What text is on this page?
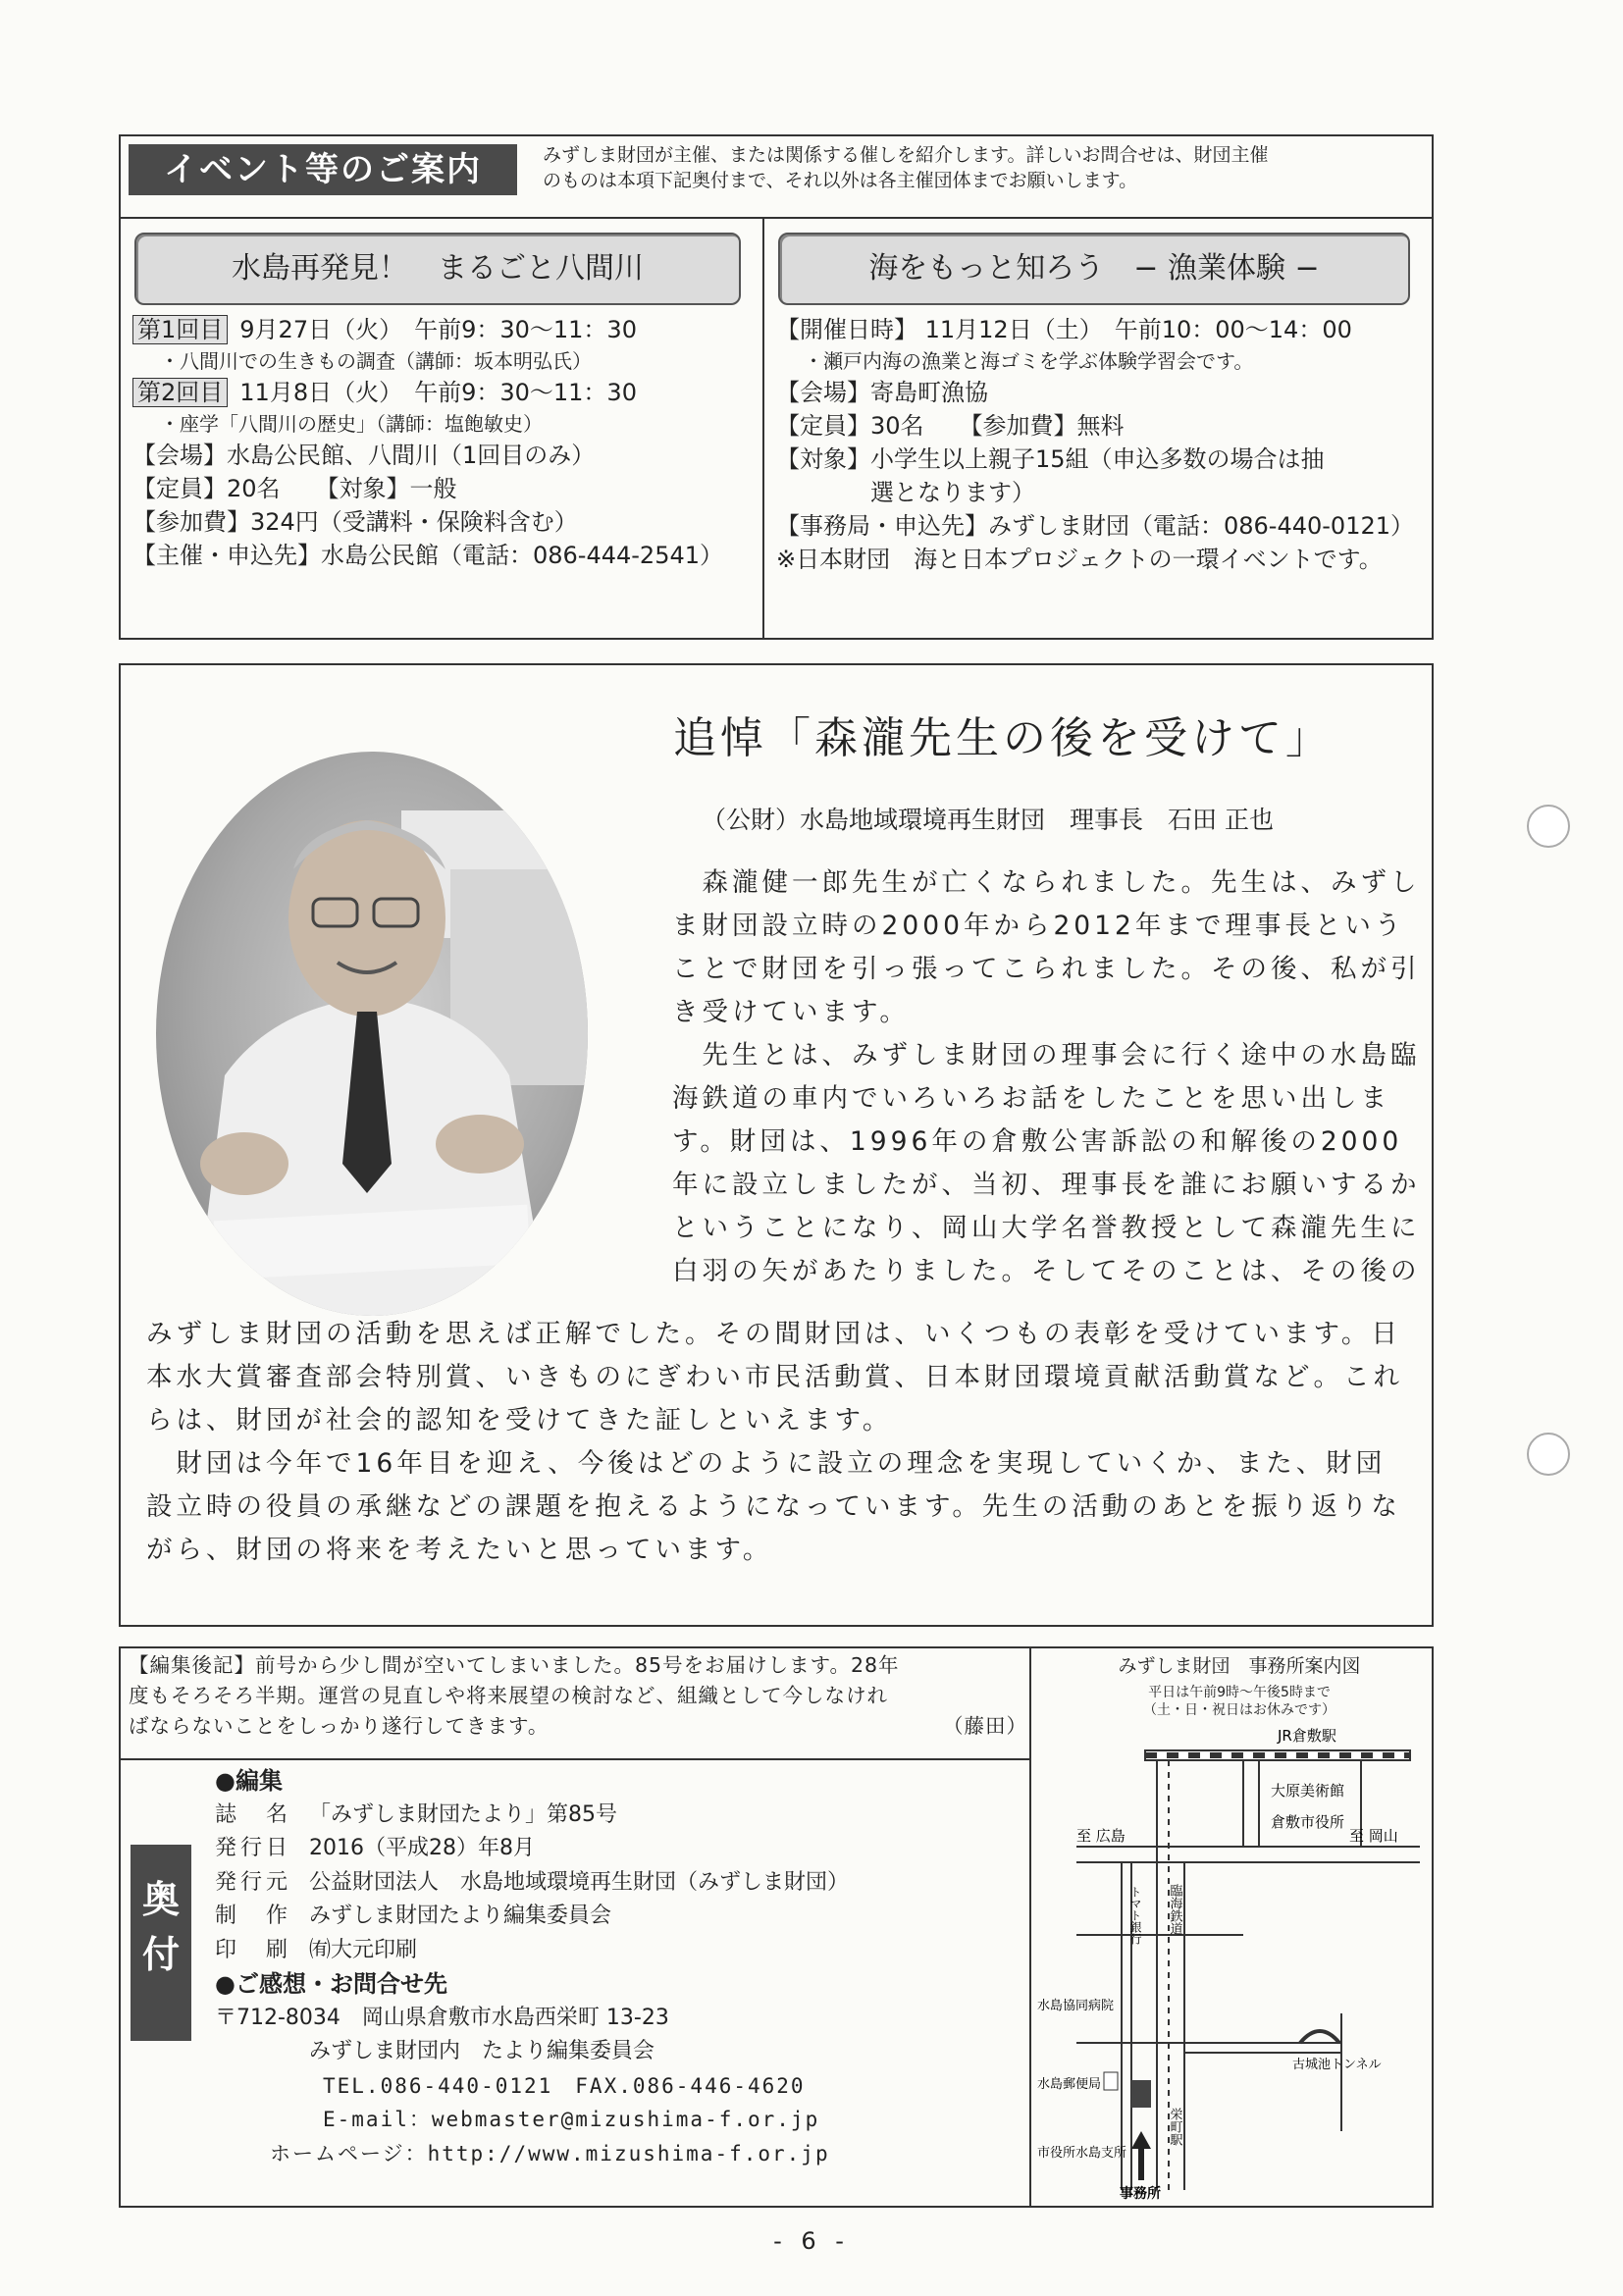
イベント等のご案内	みずしま財団が主催、または関係する催しを紹介します。詳しいお問合せは、財団主催
のものは本項下記奥付まで、それ以外は各主催団体までお願いします。
水島再発見！　まるごと八間川
第1回目 9月27日（火）　午前9：30〜11：30
・八間川での生きもの調査（講師：坂本明弘氏）
第2回目 11月8日（火）　午前9：30〜11：30
・座学「八間川の歴史」（講師：塩飽敏史）
【会場】水島公民館、八間川（1回目のみ）
【定員】20名　　【対象】一般
【参加費】324円（受講料・保険料含む）
【主催・申込先】水島公民館（電話：086-444-2541）
海をもっと知ろう　− 漁業体験 −
【開催日時】 11月12日（土）　午前10：00〜14：00
・瀬戸内海の漁業と海ゴミを学ぶ体験学習会です。
【会場】寄島町漁協
【定員】30名　　【参加費】無料
【対象】小学生以上親子15組（申込多数の場合は抽
　　　　選となります）
【事務局・申込先】みずしま財団（電話：086-440-0121）
※日本財団　海と日本プロジェクトの一環イベントです。
追悼「森瀧先生の後を受けて」
（公財）水島地域環境再生財団　理事長　石田 正也
　森瀧健一郎先生が亡くなられました。先生は、みずし
ま財団設立時の2000年から2012年まで理事長という
ことで財団を引っ張ってこられました。その後、私が引
き受けています。
　先生とは、みずしま財団の理事会に行く途中の水島臨
海鉄道の車内でいろいろお話をしたことを思い出しま
す。財団は、1996年の倉敷公害訴訟の和解後の2000
年に設立しましたが、当初、理事長を誰にお願いするか
ということになり、岡山大学名誉教授として森瀧先生に
白羽の矢があたりました。そしてそのことは、その後の
みずしま財団の活動を思えば正解でした。その間財団は、いくつもの表彰を受けています。日
本水大賞審査部会特別賞、いきものにぎわい市民活動賞、日本財団環境貢献活動賞など。これ
らは、財団が社会的認知を受けてきた証しといえます。
　財団は今年で16年目を迎え、今後はどのように設立の理念を実現していくか、また、財団
設立時の役員の承継などの課題を抱えるようになっています。先生の活動のあとを振り返りな
がら、財団の将来を考えたいと思っています。
【編集後記】前号から少し間が空いてしまいました。85号をお届けします。28年
度もそろそろ半期。運営の見直しや将来展望の検討など、組織として今しなけれ
ばならないことをしっかり遂行してきます。	（藤田）
奥
付
●編集
誌　名 「みずしま財団たより」第85号
発行日 2016（平成28）年8月
発行元 公益財団法人　水島地域環境再生財団（みずしま財団）
制　作 みずしま財団たより編集委員会
印　刷 ㈲大元印刷
●ご感想・お問合せ先
〒712-8034　岡山県倉敷市水島西栄町 13-23
みずしま財団内　たより編集委員会
TEL.086-440-0121　FAX.086-446-4620
E-mail：webmaster@mizushima-f.or.jp
ホームページ：http://www.mizushima-f.or.jp
みずしま財団　事務所案内図
平日は午前9時〜午後5時まで
（土・日・祝日はお休みです）
JR倉敷駅
大原美術館
倉敷市役所
至 広島	至 岡山
臨海鉄道
トマト銀行
水島協同病院
古城池トンネル
水島郵便局
市役所水島支所
栄町駅
事務所
- 6 -
